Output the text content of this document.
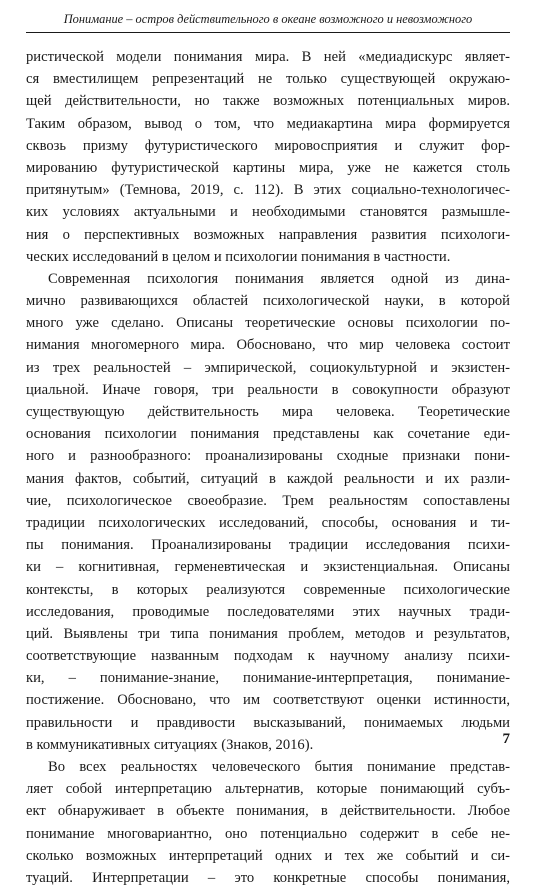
Понимание – остров действительного в океане возможного и невозможного
ристической модели понимания мира. В ней «медиадискурс являет-
ся вместилищем репрезентаций не только существующей окружаю-
щей действительности, но также возможных потенциальных миров.
Таким образом, вывод о том, что медиакартина мира формируется
сквозь призму футуристического мировосприятия и служит фор-
мированию футуристической картины мира, уже не кажется столь
притянутым» (Темнова, 2019, с. 112). В этих социально-технологичес-
ких условиях актуальными и необходимыми становятся размышле-
ния о перспективных возможных направления развития психологи-
ческих исследований в целом и психологии понимания в частности.
Современная психология понимания является одной из дина-
мично развивающихся областей психологической науки, в которой
много уже сделано. Описаны теоретические основы психологии по-
нимания многомерного мира. Обосновано, что мир человека состоит
из трех реальностей – эмпирической, социокультурной и экзистен-
циальной. Иначе говоря, три реальности в совокупности образуют
существующую действительность мира человека. Теоретические
основания психологии понимания представлены как сочетание еди-
ного и разнообразного: проанализированы сходные признаки пони-
мания фактов, событий, ситуаций в каждой реальности и их разли-
чие, психологическое своеобразие. Трем реальностям сопоставлены
традиции психологических исследований, способы, основания и ти-
пы понимания. Проанализированы традиции исследования психи-
ки – когнитивная, герменевтическая и экзистенциальная. Описаны
контексты, в которых реализуются современные психологические
исследования, проводимые последователями этих научных тради-
ций. Выявлены три типа понимания проблем, методов и результатов,
соответствующие названным подходам к научному анализу психи-
ки, – понимание-знание, понимание-интерпретация, понимание-
постижение. Обосновано, что им соответствуют оценки истинности,
правильности и правдивости высказываний, понимаемых людьми
в коммуникативных ситуациях (Знаков, 2016).
Во всех реальностях человеческого бытия понимание представ-
ляет собой интерпретацию альтернатив, которые понимающий субъ-
ект обнаруживает в объекте понимания, в действительности. Любое
понимание многовариантно, оно потенциально содержит в себе не-
сколько возможных интерпретаций одних и тех же событий и си-
туаций. Интерпретации – это конкретные способы понимания,
7
